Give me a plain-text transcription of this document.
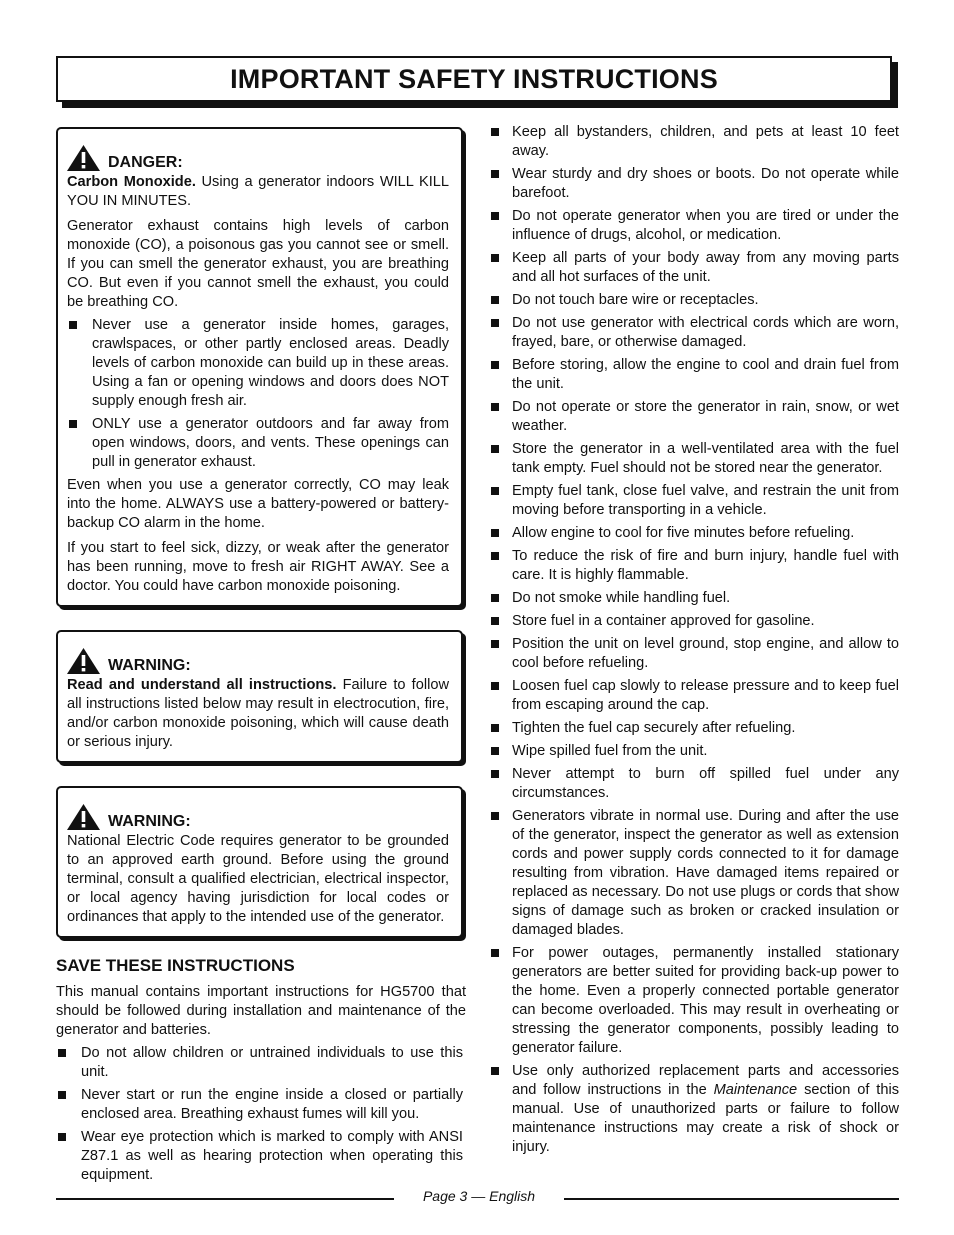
IMPORTANT SAFETY INSTRUCTIONS
DANGER:

Carbon Monoxide. Using a generator indoors WILL KILL YOU IN MINUTES.

Generator exhaust contains high levels of carbon monoxide (CO), a poisonous gas you cannot see or smell. If you can smell the generator exhaust, you are breathing CO. But even if you cannot smell the exhaust, you could be breathing CO.

Never use a generator inside homes, garages, crawlspaces, or other partly enclosed areas. Deadly levels of carbon monoxide can build up in these areas. Using a fan or opening windows and doors does NOT supply enough fresh air.
ONLY use a generator outdoors and far away from open windows, doors, and vents. These openings can pull in generator exhaust.

Even when you use a generator correctly, CO may leak into the home. ALWAYS use a battery-powered or battery-backup CO alarm in the home.

If you start to feel sick, dizzy, or weak after the generator has been running, move to fresh air RIGHT AWAY. See a doctor. You could have carbon monoxide poisoning.

WARNING:

Read and understand all instructions. Failure to follow all instructions listed below may result in electrocution, fire, and/or carbon monoxide poisoning, which will cause death or serious injury.

WARNING:

National Electric Code requires generator to be grounded to an approved earth ground. Before using the ground terminal, consult a qualified electrician, electrical inspector, or local agency having jurisdiction for local codes or ordinances that apply to the intended use of the generator.

SAVE THESE INSTRUCTIONS

This manual contains important instructions for HG5700 that should be followed during installation and maintenance of the generator and batteries.

Do not allow children or untrained individuals to use this unit.
Never start or run the engine inside a closed or partially enclosed area. Breathing exhaust fumes will kill you.
Wear eye protection which is marked to comply with ANSI Z87.1 as well as hearing protection when operating this equipment.
Keep all bystanders, children, and pets at least 10 feet away.
Wear sturdy and dry shoes or boots. Do not operate while barefoot.
Do not operate generator when you are tired or under the influence of drugs, alcohol, or medication.
Keep all parts of your body away from any moving parts and all hot surfaces of the unit.
Do not touch bare wire or receptacles.
Do not use generator with electrical cords which are worn, frayed, bare, or otherwise damaged.
Before storing, allow the engine to cool and drain fuel from the unit.
Do not operate or store the generator in rain, snow, or wet weather.
Store the generator in a well-ventilated area with the fuel tank empty. Fuel should not be stored near the generator.
Empty fuel tank, close fuel valve, and restrain the unit from moving before transporting in a vehicle.
Allow engine to cool for five minutes before refueling.
To reduce the risk of fire and burn injury, handle fuel with care. It is highly flammable.
Do not smoke while handling fuel.
Store fuel in a container approved for gasoline.
Position the unit on level ground, stop engine, and allow to cool before refueling.
Loosen fuel cap slowly to release pressure and to keep fuel from escaping around the cap.
Tighten the fuel cap securely after refueling.
Wipe spilled fuel from the unit.
Never attempt to burn off spilled fuel under any circumstances.
Generators vibrate in normal use. During and after the use of the generator, inspect the generator as well as extension cords and power supply cords connected to it for damage resulting from vibration. Have damaged items repaired or replaced as necessary. Do not use plugs or cords that show signs of damage such as broken or cracked insulation or damaged blades.
For power outages, permanently installed stationary generators are better suited for providing back-up power to the home. Even a properly connected portable generator can become overloaded. This may result in overheating or stressing the generator components, possibly leading to generator failure.
Use only authorized replacement parts and accessories and follow instructions in the Maintenance section of this manual. Use of unauthorized parts or failure to follow maintenance instructions may create a risk of shock or injury.
Page 3 — English
